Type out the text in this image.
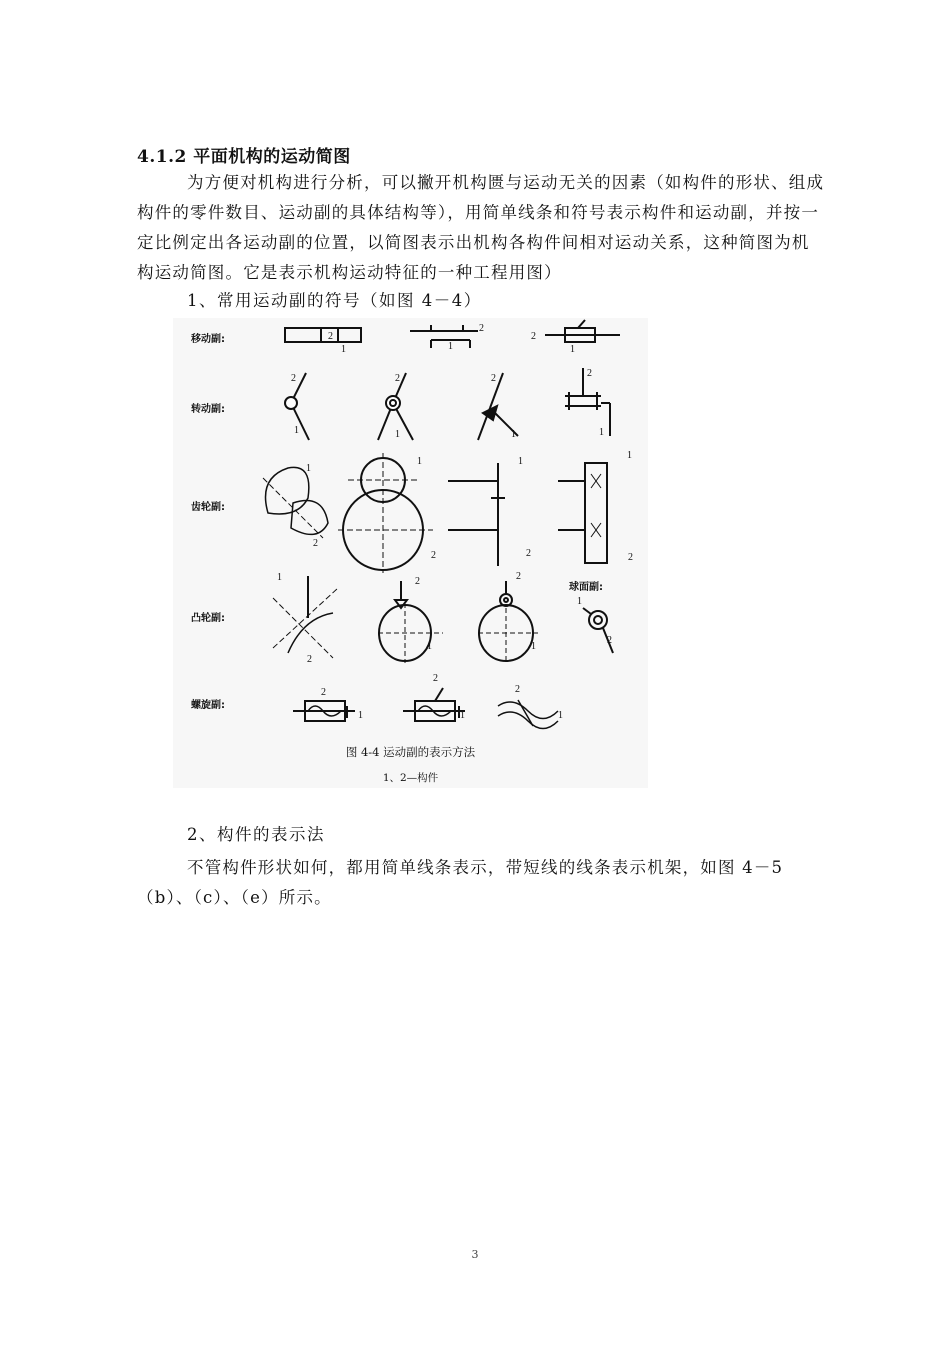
4.1.2 平面机构的运动简图

为方便对机构进行分析，可以撇开机构匮与运动无关的因素（如构件的形状、组成构件的零件数目、运动副的具体结构等），用简单线条和符号表示构件和运动副，并按一定比例定出各运动副的位置，以简图表示出机构各构件间相对运动关系，这种简图为机构运动简图。它是表示机构运动特征的一种工程用图）

1、常用运动副的符号（如图 4－4）
2
1
2
1
2
1
2
1
2
1
2
1
2
1
1
2
1
2
1
2
1
2
1
2
2
1
2
1
1
2
2
1
2
1
2
1
移动副:
转动副:
齿轮副:
凸轮副:
螺旋副:
球面副:
图 4-4 运动副的表示方法
1、2—构件
2、构件的表示法

不管构件形状如何，都用简单线条表示，带短线的线条表示机架，如图 4－5（b）、（c）、（e）所示。

3
